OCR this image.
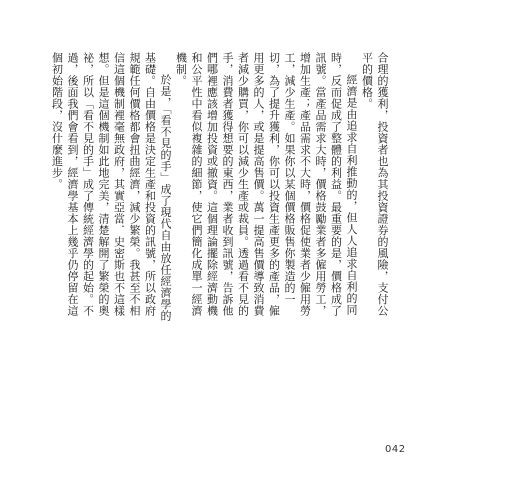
合理的獲利，投資者也為其投資證券的風險，支付公平的價格。

經濟是由追求自利推動的，但人人追求自利的同時，反而促成了整體的利益。最重要的是，價格成了訊號。當產品需求大時，價格鼓勵業者多僱用勞工，增加生產；產品需求不大時，價格促使業者少僱用勞工，減少生產。如果你以某個價格販售你製造的一切，為了提升獲利，你可以投資生產更多的產品，僱用更多的人，或是提高售價。萬一提高售價導致消費者減少購買，你可以減少生產或裁員。透過看不見的手，消費者獲得想要的東西，業者收到訊號，告訴他們哪裡應該增加投資或撤資。這個理論擺除經濟動機和公平性中看似複雜的細節，使它們簡化成單一經濟機制。

於是，「看不見的手」成了現代自由放任經濟學的基礎。自由價格是決定生產和投資的訊號，所以政府規範任何價格都會扭曲經濟，減少繁榮。我甚至不相信這個機制裡毫無政府，其實亞當．史密斯也不這樣想。但是這個機制如此地完美，清楚解開了繁榮的奧祕，所以「看不見的手」成了傳統經濟學的起始。不過，後面我們會看到，經濟學基本上幾乎仍停留在這個初始階段，沒什麼進步。

042
